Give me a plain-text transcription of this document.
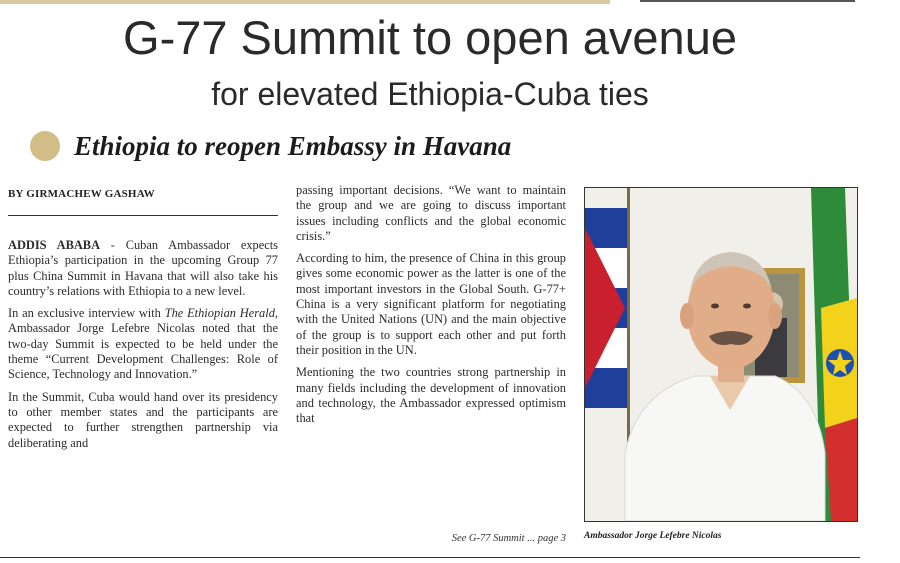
G-77 Summit to open avenue
for elevated Ethiopia-Cuba ties
Ethiopia to reopen Embassy in Havana
BY GIRMACHEW GASHAW

ADDIS ABABA - Cuban Ambassador expects Ethiopia’s participation in the upcoming Group 77 plus China Summit in Havana that will also take his country’s relations with Ethiopia to a new level.

In an exclusive interview with The Ethiopian Herald, Ambassador Jorge Lefebre Nicolas noted that the two-day Summit is expected to be held under the theme “Current Development Challenges: Role of Science, Technology and Innovation.”

In the Summit, Cuba would hand over its presidency to other member states and the participants are expected to further strengthen partnership via deliberating and

passing important decisions. “We want to maintain the group and we are going to discuss important issues including conflicts and the global economic crisis.”

According to him, the presence of China in this group gives some economic power as the latter is one of the most important investors in the Global South. G-77+ China is a very significant platform for negotiating with the United Nations (UN) and the main objective of the group is to support each other and put forth their position in the UN.

Mentioning the two countries strong partnership in many fields including the development of innovation and technology, the Ambassador expressed optimism that

See G-77 Summit ... page 3 Ambassador Jorge Lefebre Nicolas
